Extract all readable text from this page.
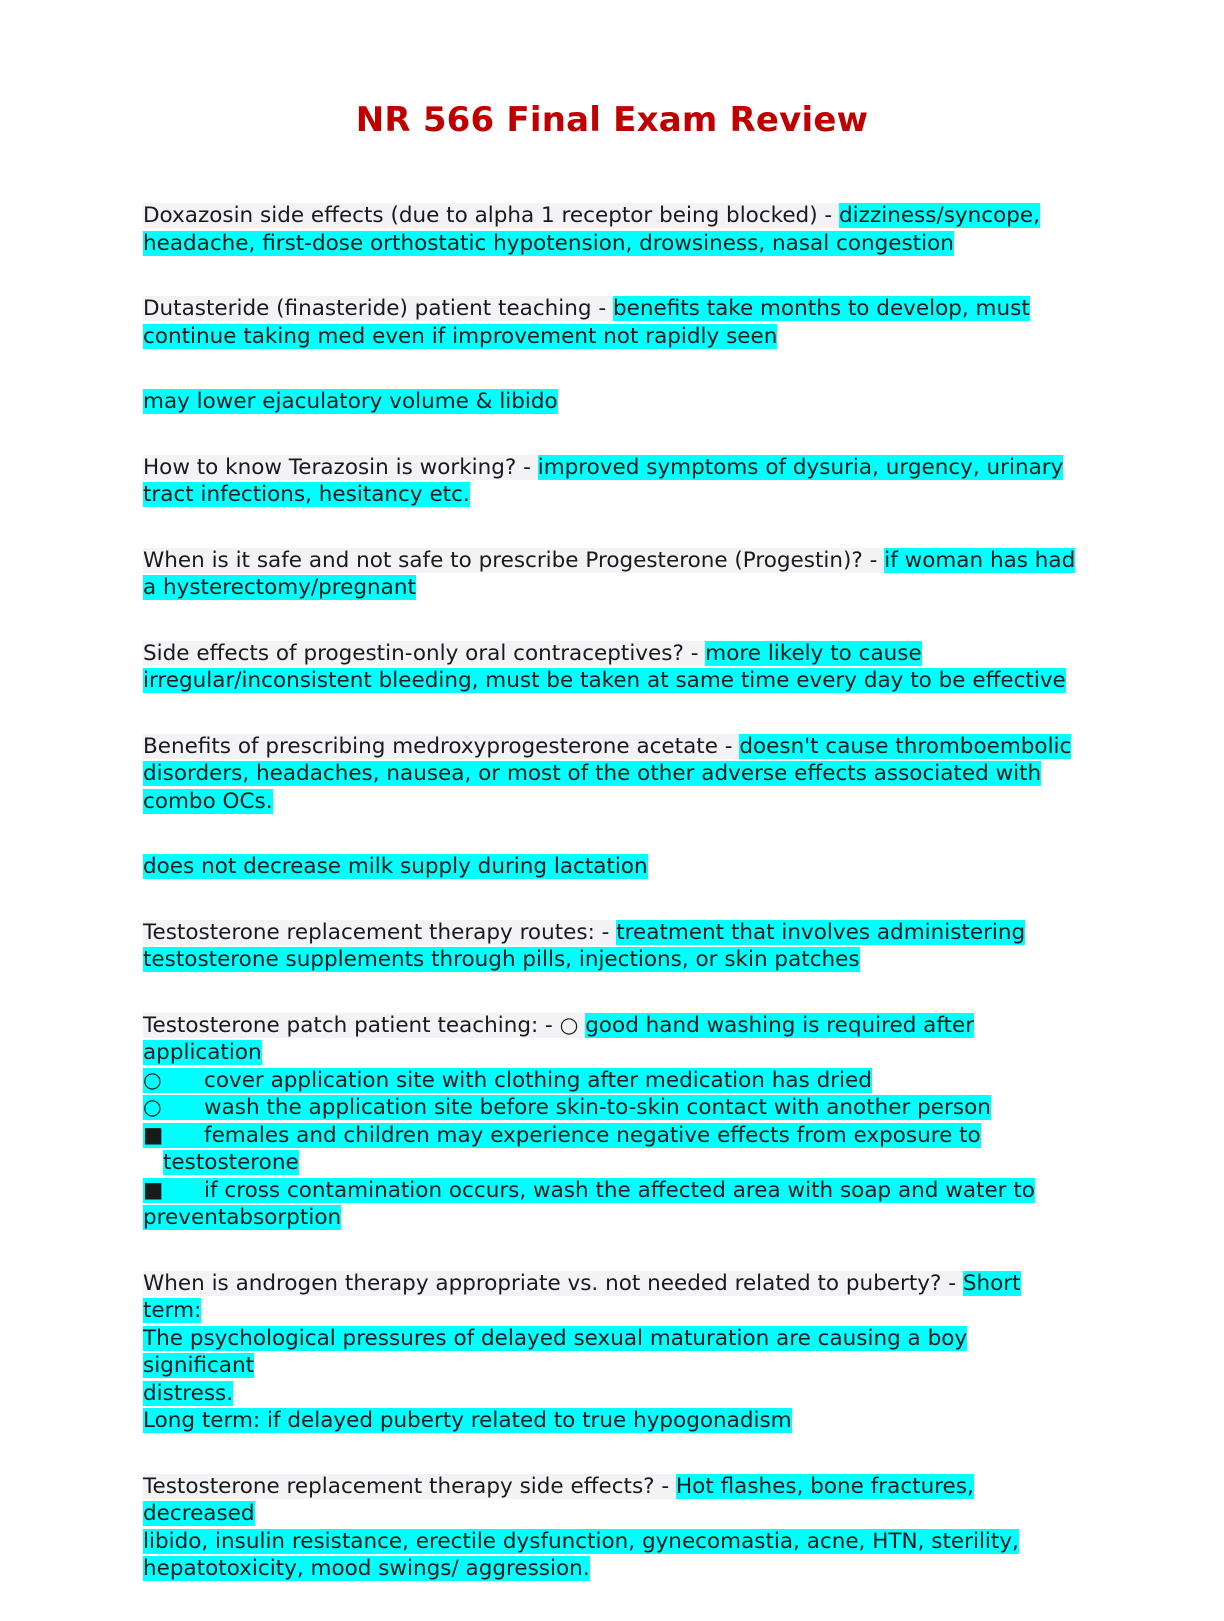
NR 566 Final Exam Review
Doxazosin side effects (due to alpha 1 receptor being blocked) - dizziness/syncope,
headache, first-dose orthostatic hypotension, drowsiness, nasal congestion
Dutasteride (finasteride) patient teaching - benefits take months to develop, must
continue taking med even if improvement not rapidly seen
may lower ejaculatory volume & libido
How to know Terazosin is working? - improved symptoms of dysuria, urgency, urinary
tract infections, hesitancy etc.
When is it safe and not safe to prescribe Progesterone (Progestin)? - if woman has had
a hysterectomy/pregnant
Side effects of progestin-only oral contraceptives? - more likely to cause
irregular/inconsistent bleeding, must be taken at same time every day to be effective
Benefits of prescribing medroxyprogesterone acetate - doesn't cause thromboembolic
disorders, headaches, nausea, or most of the other adverse effects associated with
combo OCs.
does not decrease milk supply during lactation
Testosterone replacement therapy routes: - treatment that involves administering
testosterone supplements through pills, injections, or skin patches
Testosterone patch patient teaching: - ○ good hand washing is required after application
○ cover application site with clothing after medication has dried
○ wash the application site before skin-to-skin contact with another person
■ females and children may experience negative effects from exposure to
testosterone
■ if cross contamination occurs, wash the affected area with soap and water to
preventabsorption
When is androgen therapy appropriate vs. not needed related to puberty? - Short term:
The psychological pressures of delayed sexual maturation are causing a boy significant
distress.
Long term: if delayed puberty related to true hypogonadism
Testosterone replacement therapy side effects? - Hot flashes, bone fractures, decreased
libido, insulin resistance, erectile dysfunction, gynecomastia, acne, HTN, sterility,
hepatotoxicity, mood swings/ aggression.
